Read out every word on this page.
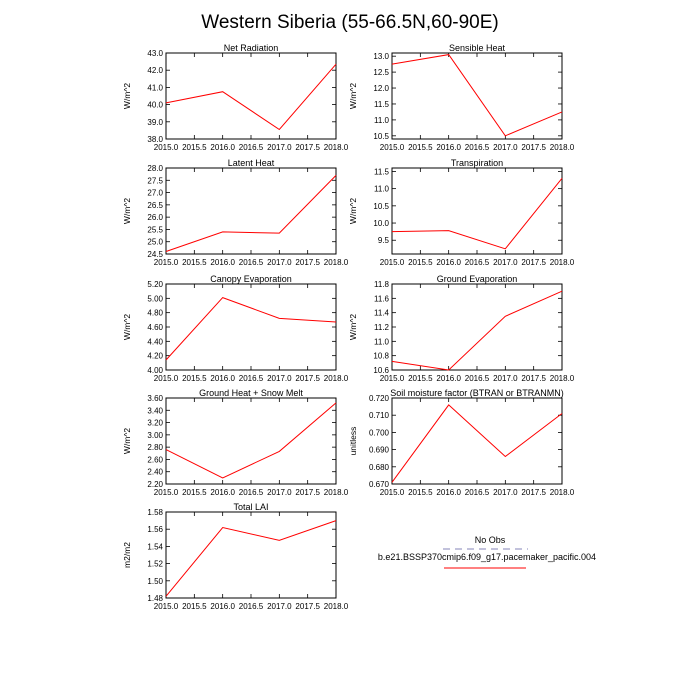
Western Siberia (55-66.5N,60-90E)
Net Radiation
38.0
39.0
40.0
41.0
42.0
43.0
2015.0 2015.5 2016.0 2016.5 2017.0 2017.5 2018.0
W/m^2
Sensible Heat
10.5
11.0
11.5
12.0
12.5
13.0
2015.0 2015.5 2016.0 2016.5 2017.0 2017.5 2018.0
W/m^2
Latent Heat
24.5
25.0
25.5
26.0
26.5
27.0
27.5
28.0
2015.0 2015.5 2016.0 2016.5 2017.0 2017.5 2018.0
W/m^2
Transpiration
9.5
10.0
10.5
11.0
11.5
2015.0 2015.5 2016.0 2016.5 2017.0 2017.5 2018.0
W/m^2
Canopy Evaporation
4.00
4.20
4.40
4.60
4.80
5.00
5.20
2015.0 2015.5 2016.0 2016.5 2017.0 2017.5 2018.0
W/m^2
Ground Evaporation
10.6
10.8
11.0
11.2
11.4
11.6
11.8
2015.0 2015.5 2016.0 2016.5 2017.0 2017.5 2018.0
W/m^2
Ground Heat + Snow Melt
2.20
2.40
2.60
2.80
3.00
3.20
3.40
3.60
2015.0 2015.5 2016.0 2016.5 2017.0 2017.5 2018.0
W/m^2
Soil moisture factor (BTRAN or BTRANMN)
0.670
0.680
0.690
0.700
0.710
0.720
2015.0 2015.5 2016.0 2016.5 2017.0 2017.5 2018.0
unitless
Total LAI
1.48
1.50
1.52
1.54
1.56
1.58
2015.0 2015.5 2016.0 2016.5 2017.0 2017.5 2018.0
m2/m2
No Obs
b.e21.BSSP370cmip6.f09_g17.pacemaker_pacific.004
